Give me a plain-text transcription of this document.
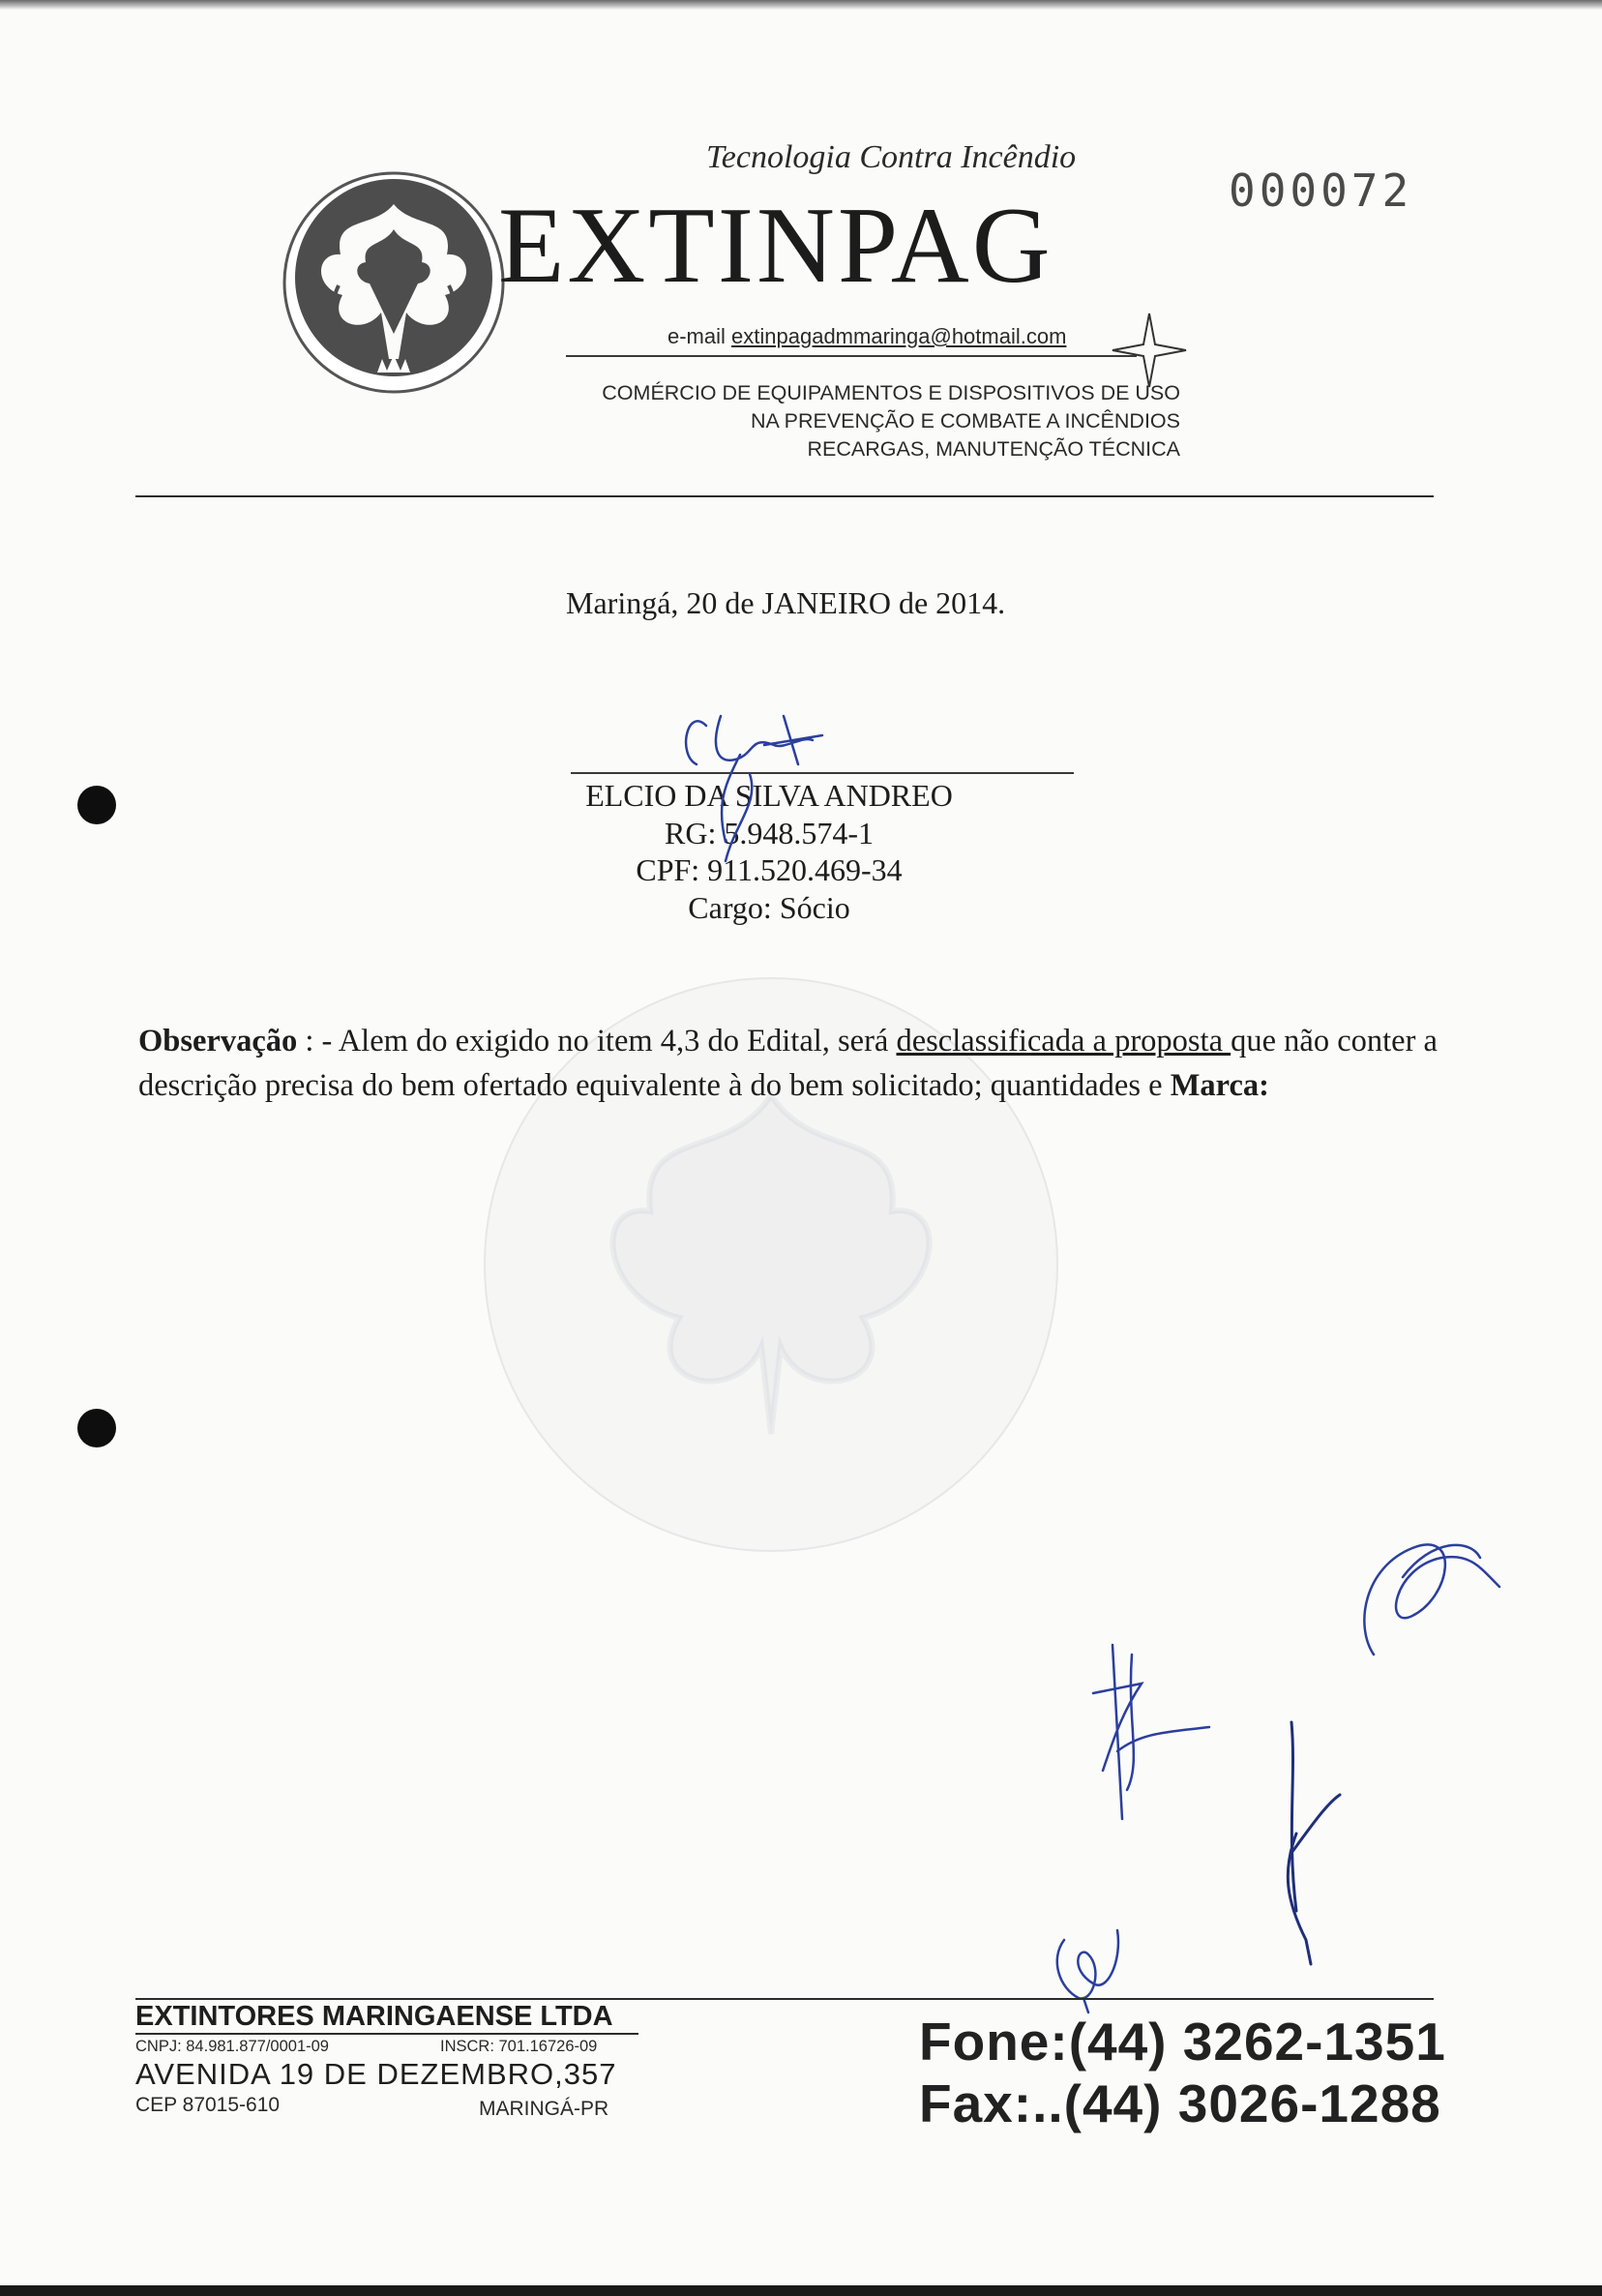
Tecnologia Contra Incêndio
EXTINPAG	000072
e-mail extinpagadmmaringa@hotmail.com
COMÉRCIO DE EQUIPAMENTOS E DISPOSITIVOS DE USO
NA PREVENÇÃO E COMBATE A INCÊNDIOS
RECARGAS, MANUTENÇÃO TÉCNICA
Maringá, 20 de JANEIRO de 2014.
ELCIO DA SILVA ANDREO
RG: 5.948.574-1
CPF: 911.520.469-34
Cargo: Sócio
Observação : - Alem do exigido no item 4,3 do Edital, será desclassificada a proposta que não conter a descrição precisa do bem ofertado equivalente à do bem solicitado; quantidades e Marca:
EXTINTORES MARINGAENSE LTDA
CNPJ: 84.981.877/0001-09	INSCR: 701.16726-09
AVENIDA 19 DE DEZEMBRO,357
CEP 87015-610	MARINGÁ-PR
Fone:(44) 3262-1351
Fax:..(44) 3026-1288
